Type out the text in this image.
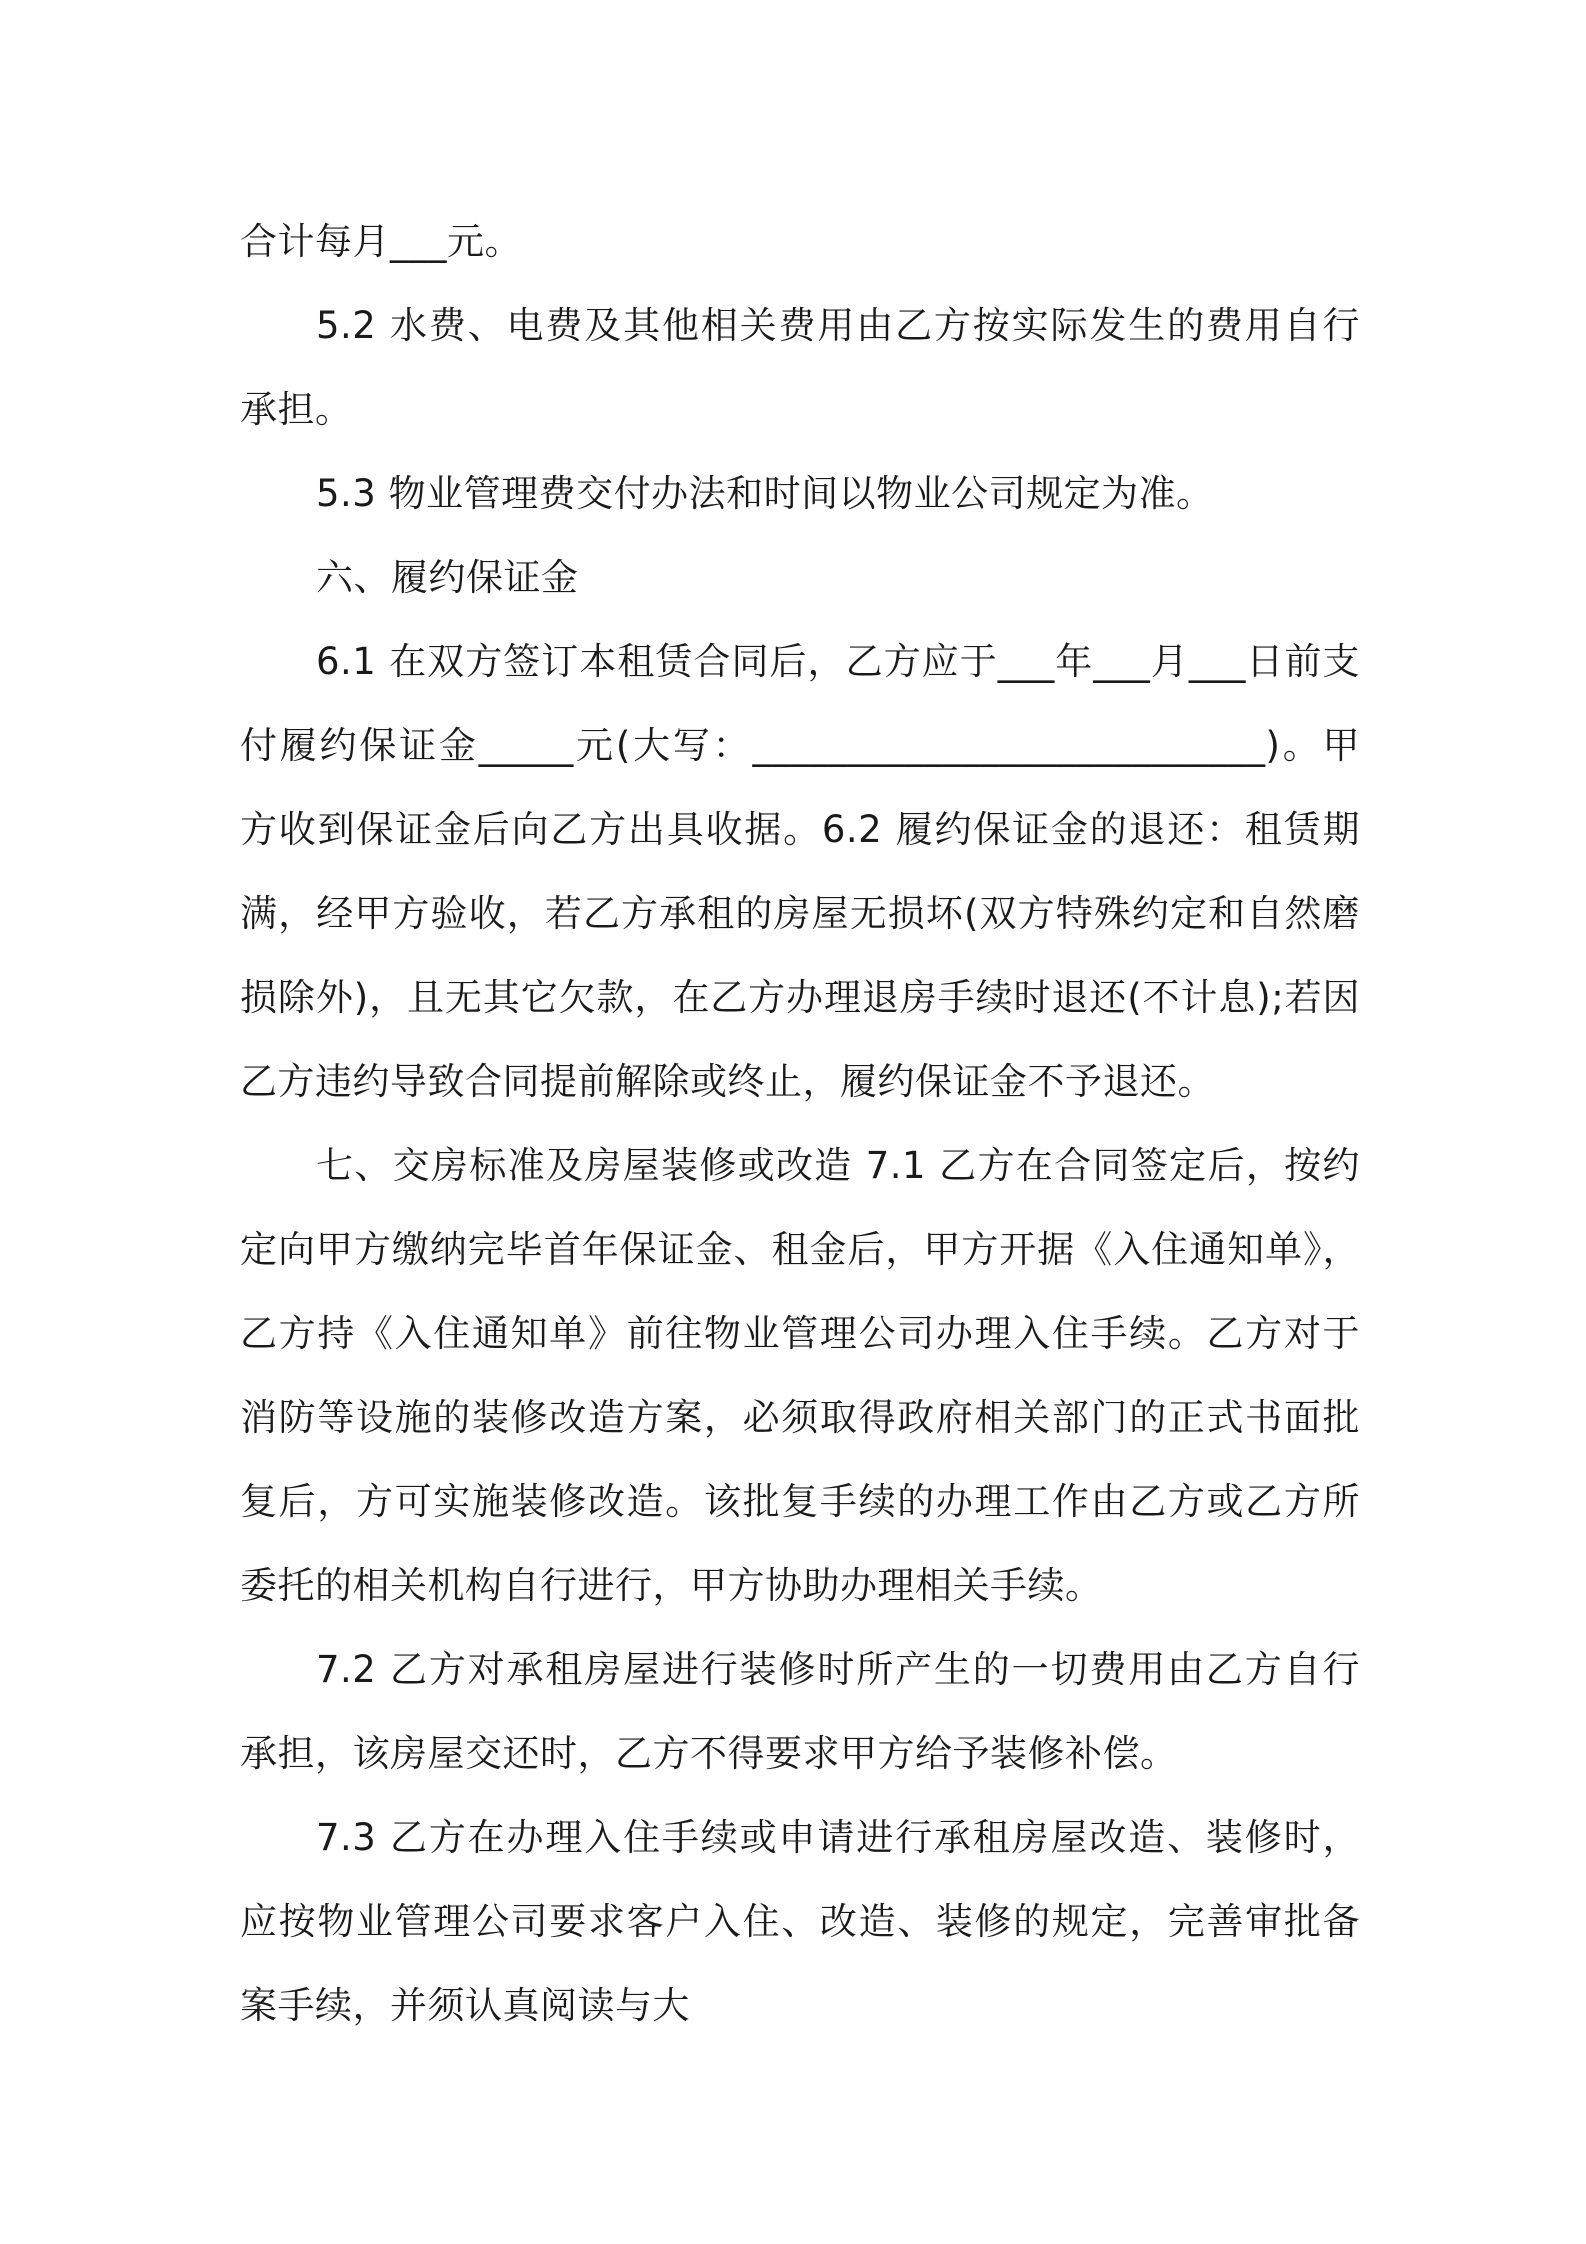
合计每月___元。

5.2 水费、电费及其他相关费用由乙方按实际发生的费用自行承担。

5.3 物业管理费交付办法和时间以物业公司规定为准。

六、履约保证金

6.1 在双方签订本租赁合同后，乙方应于___年___月___日前支付履约保证金_____元(大写：___________________________)。甲方收到保证金后向乙方出具收据。6.2 履约保证金的退还：租赁期满，经甲方验收，若乙方承租的房屋无损坏(双方特殊约定和自然磨损除外)，且无其它欠款，在乙方办理退房手续时退还(不计息);若因乙方违约导致合同提前解除或终止，履约保证金不予退还。

七、交房标准及房屋装修或改造 7.1 乙方在合同签定后，按约定向甲方缴纳完毕首年保证金、租金后，甲方开据《入住通知单》，乙方持《入住通知单》前往物业管理公司办理入住手续。乙方对于消防等设施的装修改造方案，必须取得政府相关部门的正式书面批复后，方可实施装修改造。该批复手续的办理工作由乙方或乙方所委托的相关机构自行进行，甲方协助办理相关手续。

7.2 乙方对承租房屋进行装修时所产生的一切费用由乙方自行承担，该房屋交还时，乙方不得要求甲方给予装修补偿。

7.3 乙方在办理入住手续或申请进行承租房屋改造、装修时，应按物业管理公司要求客户入住、改造、装修的规定，完善审批备案手续，并须认真阅读与大
